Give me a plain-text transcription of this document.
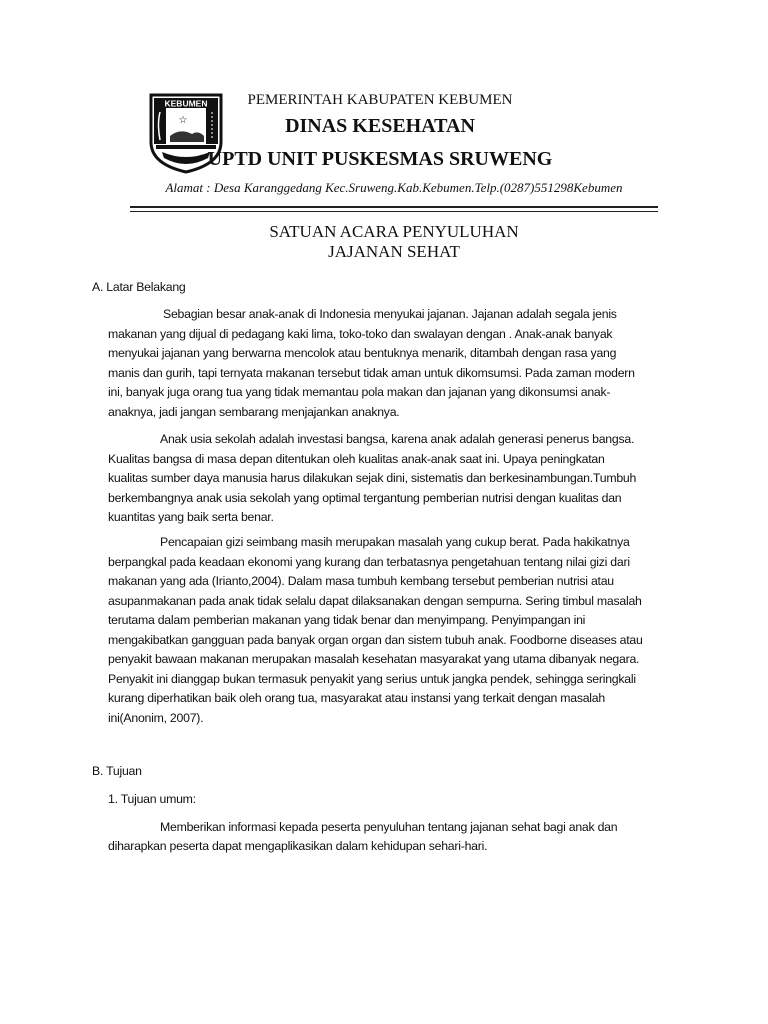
KEBUMEN
☆
PEMERINTAH KABUPATEN KEBUMEN
DINAS KESEHATAN
UPTD UNIT PUSKESMAS SRUWENG
Alamat : Desa Karanggedang Kec.Sruweng.Kab.Kebumen.Telp.(0287)551298Kebumen
SATUAN ACARA PENYULUHAN
JAJANAN SEHAT
A. Latar Belakang
Sebagian besar anak-anak di Indonesia menyukai jajanan. Jajanan adalah segala jenis
makanan yang dijual di pedagang kaki lima, toko-toko dan swalayan dengan . Anak-anak banyak
menyukai jajanan yang berwarna mencolok atau bentuknya menarik, ditambah dengan rasa yang
manis dan gurih, tapi ternyata makanan tersebut tidak aman untuk dikomsumsi. Pada zaman modern
ini, banyak juga orang tua yang tidak memantau pola makan dan jajanan yang dikonsumsi anak-
anaknya, jadi jangan sembarang menjajankan anaknya.
Anak usia sekolah adalah investasi bangsa, karena anak adalah generasi penerus bangsa.
Kualitas bangsa di masa depan ditentukan oleh kualitas anak-anak saat ini. Upaya peningkatan
kualitas sumber daya manusia harus dilakukan sejak dini, sistematis dan berkesinambungan.Tumbuh
berkembangnya anak usia sekolah yang optimal tergantung pemberian nutrisi dengan kualitas dan
kuantitas yang baik serta benar.
Pencapaian gizi seimbang masih merupakan masalah yang cukup berat. Pada hakikatnya
berpangkal pada keadaan ekonomi yang kurang dan terbatasnya pengetahuan tentang nilai gizi dari
makanan yang ada (Irianto,2004). Dalam masa tumbuh kembang tersebut pemberian nutrisi atau
asupanmakanan pada anak tidak selalu dapat dilaksanakan dengan sempurna. Sering timbul masalah
terutama dalam pemberian makanan yang tidak benar dan menyimpang. Penyimpangan ini
mengakibatkan gangguan pada banyak organ organ dan sistem tubuh anak. Foodborne diseases atau
penyakit bawaan makanan merupakan masalah kesehatan masyarakat yang utama dibanyak negara.
Penyakit ini dianggap bukan termasuk penyakit yang serius untuk jangka pendek, sehingga seringkali
kurang diperhatikan baik oleh orang tua, masyarakat atau instansi yang terkait dengan masalah
ini(Anonim, 2007).
B. Tujuan
1. Tujuan umum:
Memberikan informasi kepada peserta penyuluhan tentang jajanan sehat bagi anak dan
diharapkan peserta dapat mengaplikasikan dalam kehidupan sehari-hari.
